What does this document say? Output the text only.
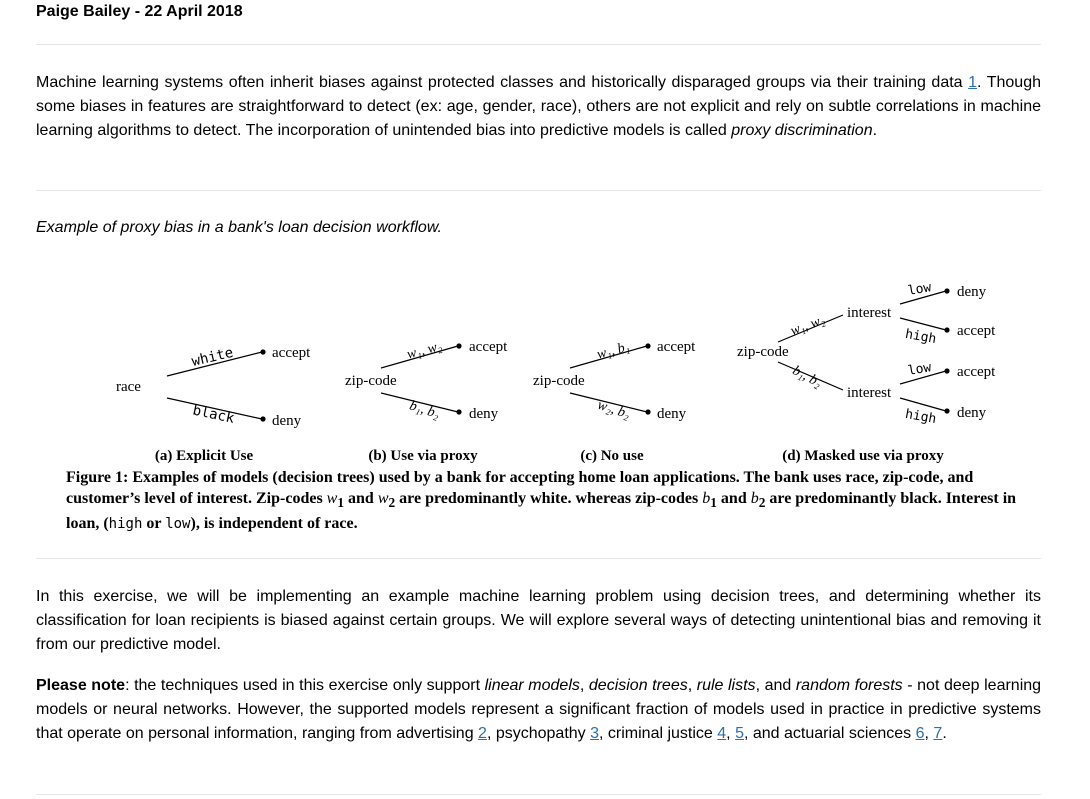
Paige Bailey - 22 April 2018

Machine learning systems often inherit biases against protected classes and historically disparaged groups via their training data 1. Though some biases in features are straightforward to detect (ex: age, gender, race), others are not explicit and rely on subtle correlations in machine learning algorithms to detect. The incorporation of unintended bias into predictive models is called proxy discrimination.

Example of proxy bias in a bank's loan decision workflow.

race
white
black
accept
deny
zip-code
w₁, w₂
b₁, b₂
accept
deny
zip-code
w₁, b₁
w₂, b₂
accept
deny
zip-code
w₁, w₂
b₁, b₂
interest
interest
low
high
low
high
deny
accept
accept
deny
(a) Explicit Use	(b) Use via proxy	(c) No use	(d) Masked use via proxy

Figure 1: Examples of models (decision trees) used by a bank for accepting home loan applications. The bank uses race, zip-code, and customer’s level of interest. Zip-codes $w_1$ and $w_2$ are predominantly white. whereas zip-codes $b_1$ and $b_2$ are predominantly black. Interest in loan, (high or low), is independent of race.

In this exercise, we will be implementing an example machine learning problem using decision trees, and determining whether its classification for loan recipients is biased against certain groups. We will explore several ways of detecting unintentional bias and removing it from our predictive model.

Please note: the techniques used in this exercise only support linear models, decision trees, rule lists, and random forests - not deep learning models or neural networks. However, the supported models represent a significant fraction of models used in practice in predictive systems that operate on personal information, ranging from advertising 2, psychopathy 3, criminal justice 4, 5, and actuarial sciences 6, 7.
